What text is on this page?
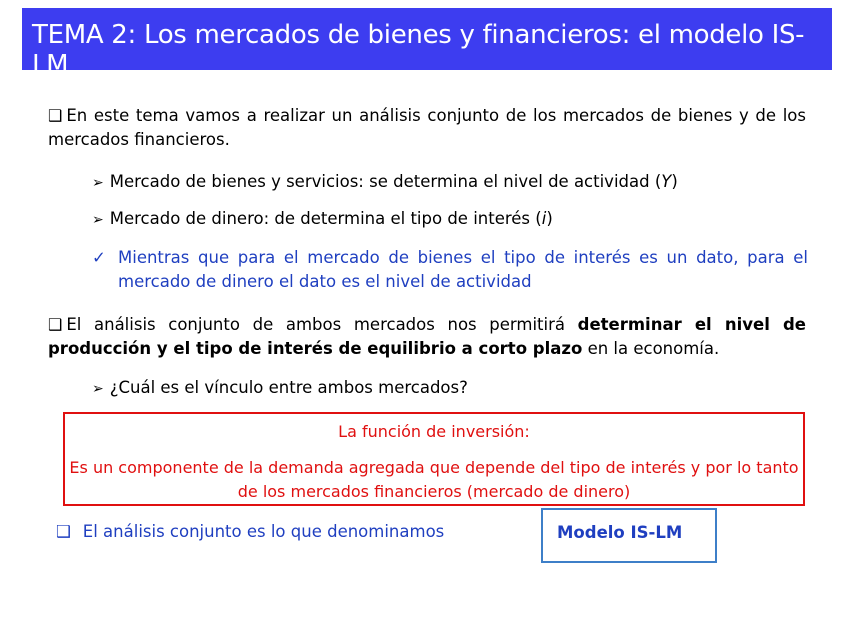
TEMA 2: Los mercados de bienes y financieros: el modelo IS-LM
❑ En este tema vamos a realizar un análisis conjunto de los mercados de bienes y de los mercados financieros.
➢ Mercado de bienes y servicios: se determina el nivel de actividad (Y)
➢ Mercado de dinero: de determina el tipo de interés (i)
✓ Mientras que para el mercado de bienes el tipo de interés es un dato, para el mercado de dinero el dato es el nivel de actividad
❑ El análisis conjunto de ambos mercados nos permitirá determinar el nivel de producción y el tipo de interés de equilibrio a corto plazo en la economía.
➢ ¿Cuál es el vínculo entre ambos mercados?
La función de inversión:
Es un componente de la demanda agregada que depende del tipo de interés y por lo tanto de los mercados financieros (mercado de dinero)
❑ El análisis conjunto es lo que denominamos	Modelo IS-LM
